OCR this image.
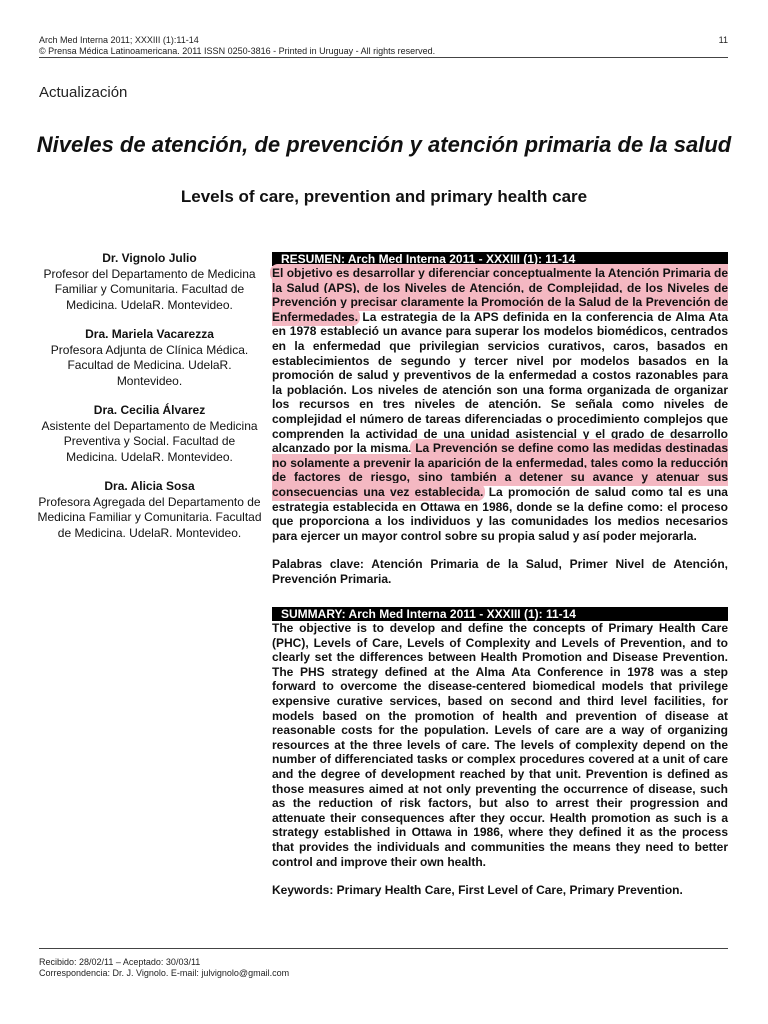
Arch Med Interna 2011; XXXIII (1):11-14
© Prensa Médica Latinoamericana. 2011 ISSN 0250-3816 - Printed in Uruguay - All rights reserved.
11
Actualización
Niveles de atención, de prevención y atención primaria de la salud
Levels of care, prevention and primary health care
Dr. Vignolo Julio
Profesor del Departamento de Medicina Familiar y Comunitaria. Facultad de Medicina. UdelaR. Montevideo.
Dra. Mariela Vacarezza
Profesora Adjunta de Clínica Médica. Facultad de Medicina. UdelaR. Montevideo.
Dra. Cecilia Álvarez
Asistente del Departamento de Medicina Preventiva y Social. Facultad de Medicina. UdelaR. Montevideo.
Dra. Alicia Sosa
Profesora Agregada del Departamento de Medicina Familiar y Comunitaria. Facultad de Medicina. UdelaR. Montevideo.
RESUMEN: Arch Med Interna 2011 - XXXIII (1): 11-14

El objetivo es desarrollar y diferenciar conceptualmente la Atención Primaria de la Salud (APS), de los Niveles de Atención, de Complejidad, de los Niveles de Prevención y precisar claramente la Promoción de la Salud de la Prevención de Enfermedades. La estrategia de la APS definida en la conferencia de Alma Ata en 1978 estableció un avance para superar los modelos biomédicos, centrados en la enfermedad que privilegian servicios curativos, caros, basados en establecimientos de segundo y tercer nivel por modelos basados en la promoción de salud y preventivos de la enfermedad a costos razonables para la población. Los niveles de atención son una forma organizada de organizar los recursos en tres niveles de atención. Se señala como niveles de complejidad el número de tareas diferenciadas o procedimiento complejos que comprenden la actividad de una unidad asistencial y el grado de desarrollo alcanzado por la misma. La Prevención se define como las medidas destinadas no solamente a prevenir la aparición de la enfermedad, tales como la reducción de factores de riesgo, sino también a detener su avance y atenuar sus consecuencias una vez establecida. La promoción de salud como tal es una estrategia establecida en Ottawa en 1986, donde se la define como: el proceso que proporciona a los individuos y las comunidades los medios necesarios para ejercer un mayor control sobre su propia salud y así poder mejorarla.

Palabras clave: Atención Primaria de la Salud, Primer Nivel de Atención, Prevención Primaria.

SUMMARY: Arch Med Interna 2011 - XXXIII (1): 11-14

The objective is to develop and define the concepts of Primary Health Care (PHC), Levels of Care, Levels of Complexity and Levels of Prevention, and to clearly set the differences between Health Promotion and Disease Prevention. The PHS strategy defined at the Alma Ata Conference in 1978 was a step forward to overcome the disease-centered biomedical models that privilege expensive curative services, based on second and third level facilities, for models based on the promotion of health and prevention of disease at reasonable costs for the population. Levels of care are a way of organizing resources at the three levels of care. The levels of complexity depend on the number of differenciated tasks or complex procedures covered at a unit of care and the degree of development reached by that unit. Prevention is defined as those measures aimed at not only preventing the occurrence of disease, such as the reduction of risk factors, but also to arrest their progression and attenuate their consequences after they occur. Health promotion as such is a strategy established in Ottawa in 1986, where they defined it as the process that provides the individuals and communities the means they need to better control and improve their own health.

Keywords: Primary Health Care, First Level of Care, Primary Prevention.

Recibido: 28/02/11 – Aceptado: 30/03/11
Correspondencia: Dr. J. Vignolo. E-mail: julvignolo@gmail.com
